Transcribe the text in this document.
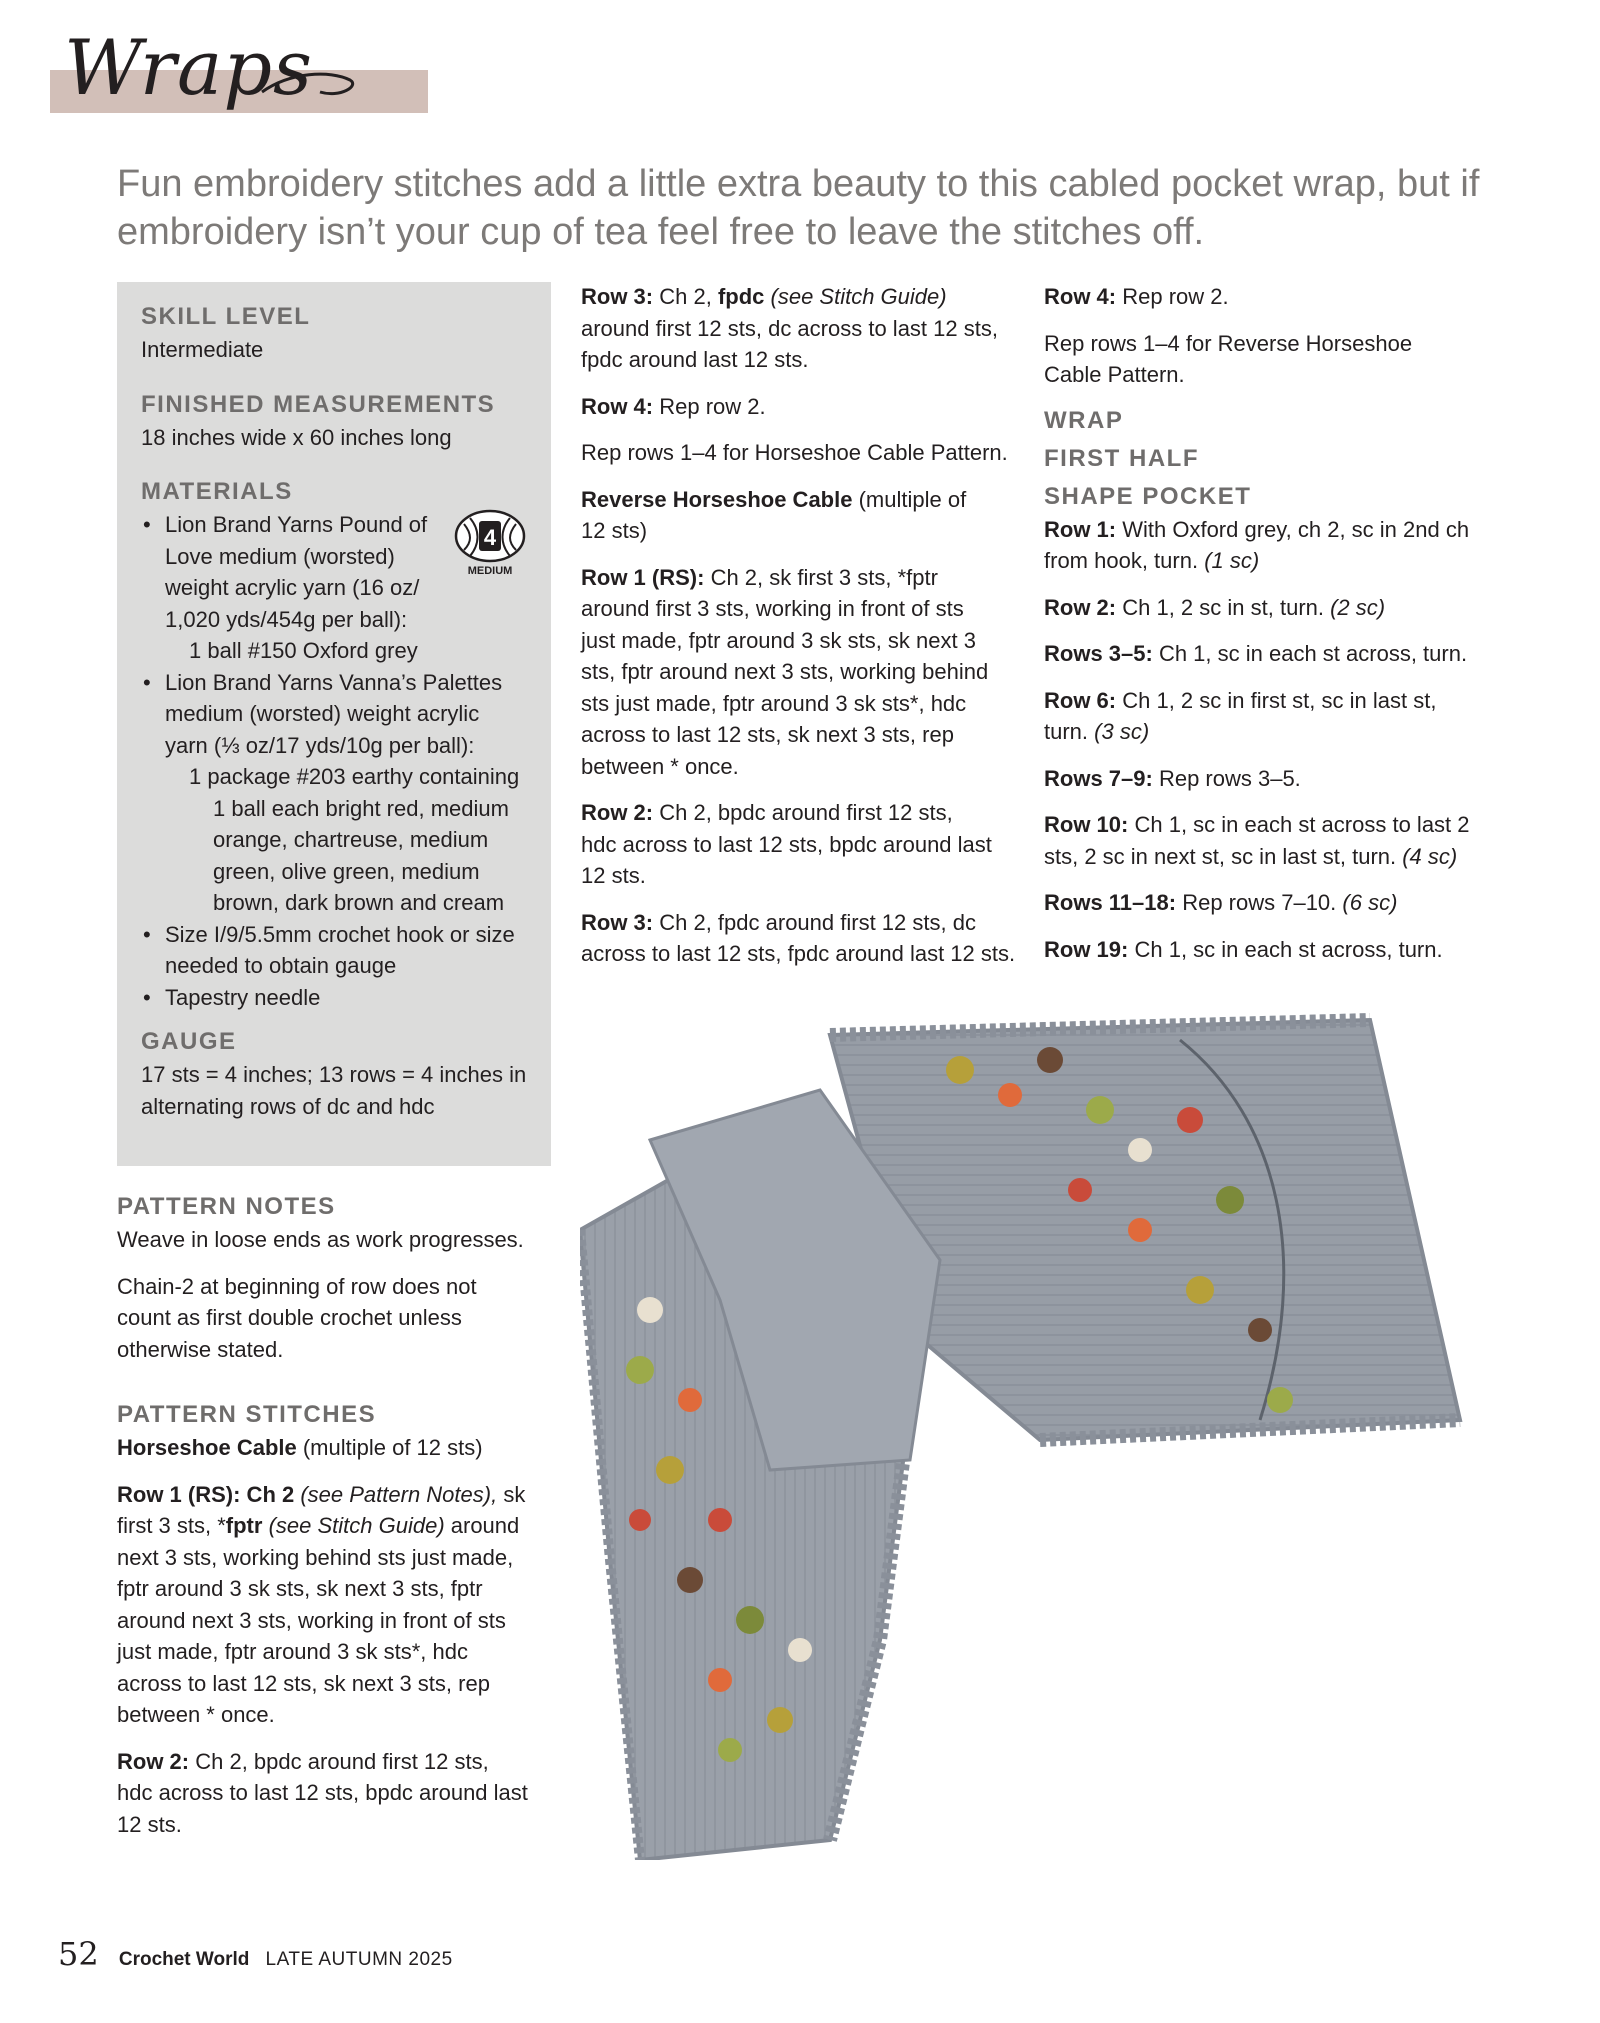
Wraps
Fun embroidery stitches add a little extra beauty to this cabled pocket wrap, but if embroidery isn’t your cup of tea feel free to leave the stitches off.
SKILL LEVEL
Intermediate
FINISHED MEASUREMENTS
18 inches wide x 60 inches long
MATERIALS
• Lion Brand Yarns Pound of
Love medium (worsted)
weight acrylic yarn (16 oz/
1,020 yds/454g per ball):
1 ball #150 Oxford grey
• Lion Brand Yarns Vanna’s Palettes
medium (worsted) weight acrylic
yarn (⅓ oz/17 yds/10g per ball):
1 package #203 earthy containing
1 ball each bright red, medium
orange, chartreuse, medium
green, olive green, medium
brown, dark brown and cream
• Size I/9/5.5mm crochet hook or size
needed to obtain gauge
• Tapestry needle
GAUGE
17 sts = 4 inches; 13 rows = 4 inches in
alternating rows of dc and hdc
4
MEDIUM
PATTERN NOTES

Weave in loose ends as work progresses.

Chain-2 at beginning of row does not
count as first double crochet unless
otherwise stated.

PATTERN STITCHES

Horseshoe Cable (multiple of 12 sts)

Row 1 (RS): Ch 2 (see Pattern Notes), sk
first 3 sts, *fptr (see Stitch Guide) around
next 3 sts, working behind sts just made,
fptr around 3 sk sts, sk next 3 sts, fptr
around next 3 sts, working in front of sts
just made, fptr around 3 sk sts*, hdc
across to last 12 sts, sk next 3 sts, rep
between * once.

Row 2: Ch 2, bpdc around first 12 sts,
hdc across to last 12 sts, bpdc around last
12 sts.

Row 3: Ch 2, fpdc (see Stitch Guide)
around first 12 sts, dc across to last 12 sts,
fpdc around last 12 sts.

Row 4: Rep row 2.

Rep rows 1–4 for Horseshoe Cable Pattern.

Reverse Horseshoe Cable (multiple of
12 sts)

Row 1 (RS): Ch 2, sk first 3 sts, *fptr
around first 3 sts, working in front of sts
just made, fptr around 3 sk sts, sk next 3
sts, fptr around next 3 sts, working behind
sts just made, fptr around 3 sk sts*, hdc
across to last 12 sts, sk next 3 sts, rep
between * once.

Row 2: Ch 2, bpdc around first 12 sts,
hdc across to last 12 sts, bpdc around last
12 sts.

Row 3: Ch 2, fpdc around first 12 sts, dc
across to last 12 sts, fpdc around last 12 sts.

Row 4: Rep row 2.

Rep rows 1–4 for Reverse Horseshoe
Cable Pattern.

WRAP
FIRST HALF
SHAPE POCKET

Row 1: With Oxford grey, ch 2, sc in 2nd ch
from hook, turn. (1 sc)

Row 2: Ch 1, 2 sc in st, turn. (2 sc)

Rows 3–5: Ch 1, sc in each st across, turn.

Row 6: Ch 1, 2 sc in first st, sc in last st,
turn. (3 sc)

Rows 7–9: Rep rows 3–5.

Row 10: Ch 1, sc in each st across to last 2
sts, 2 sc in next st, sc in last st, turn. (4 sc)

Rows 11–18: Rep rows 7–10. (6 sc)

Row 19: Ch 1, sc in each st across, turn.

52 Crochet World LATE AUTUMN 2025
